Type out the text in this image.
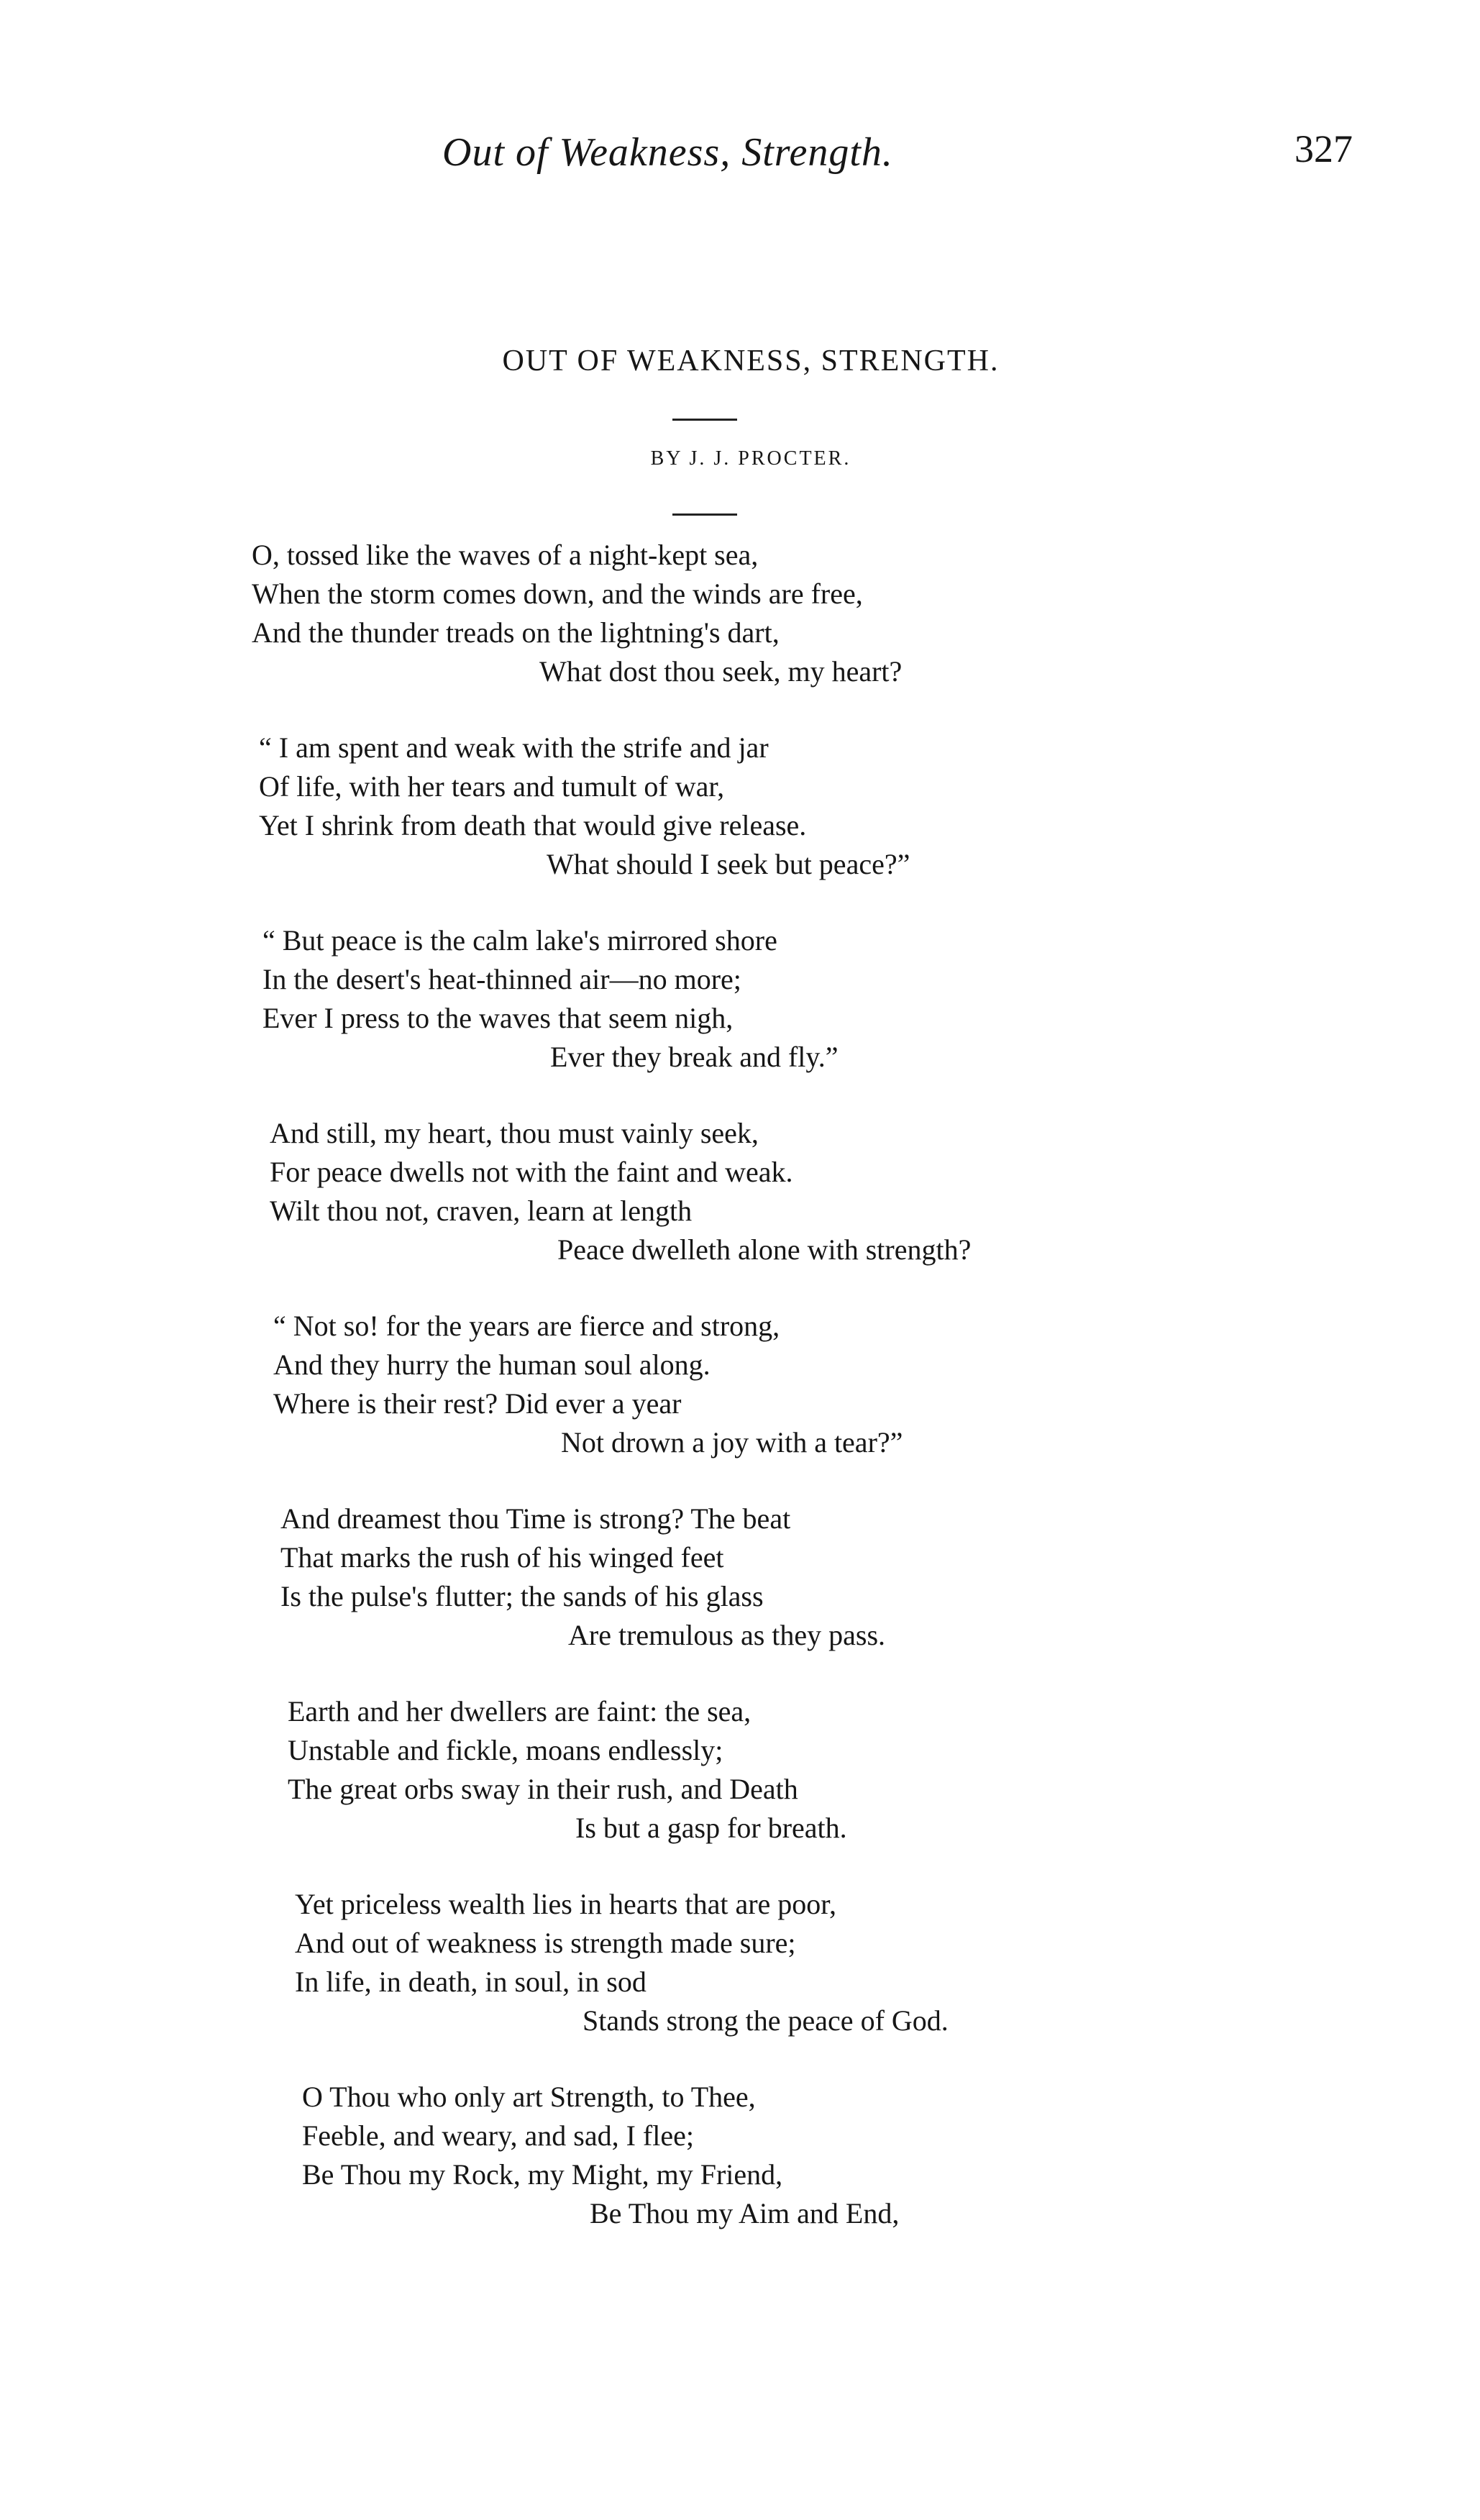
Out of Weakness, Strength.	327
OUT OF WEAKNESS, STRENGTH.
BY J. J. PROCTER.
O, tossed like the waves of a night-kept sea,
When the storm comes down, and the winds are free,
And the thunder treads on the lightning's dart,
What dost thou seek, my heart?
“ I am spent and weak with the strife and jar
Of life, with her tears and tumult of war,
Yet I shrink from death that would give release.
What should I seek but peace?”
“ But peace is the calm lake's mirrored shore
In the desert's heat-thinned air—no more;
Ever I press to the waves that seem nigh,
Ever they break and fly.”
And still, my heart, thou must vainly seek,
For peace dwells not with the faint and weak.
Wilt thou not, craven, learn at length
Peace dwelleth alone with strength?
“ Not so! for the years are fierce and strong,
And they hurry the human soul along.
Where is their rest? Did ever a year
Not drown a joy with a tear?”
And dreamest thou Time is strong? The beat
That marks the rush of his winged feet
Is the pulse's flutter; the sands of his glass
Are tremulous as they pass.
Earth and her dwellers are faint: the sea,
Unstable and fickle, moans endlessly;
The great orbs sway in their rush, and Death
Is but a gasp for breath.
Yet priceless wealth lies in hearts that are poor,
And out of weakness is strength made sure;
In life, in death, in soul, in sod
Stands strong the peace of God.
O Thou who only art Strength, to Thee,
Feeble, and weary, and sad, I flee;
Be Thou my Rock, my Might, my Friend,
Be Thou my Aim and End,
